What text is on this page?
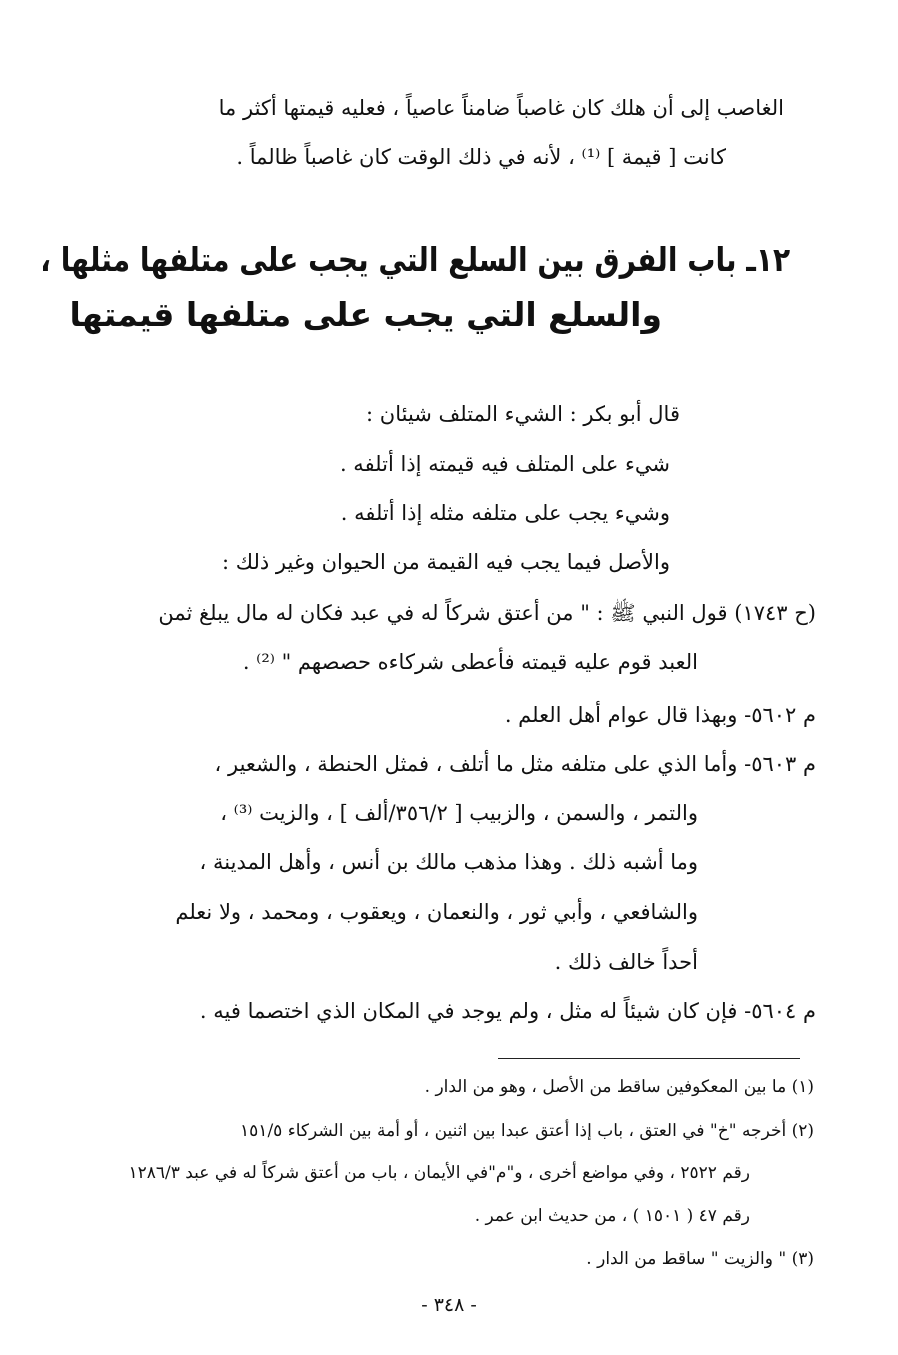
الغاصب إلى أن هلك كان غاصباً ضامناً عاصياً ، فعليه قيمتها أكثر ما
كانت [ قيمة ] ⁽¹⁾ ، لأنه في ذلك الوقت كان غاصباً ظالماً .
١٢ـ باب الفرق بين السلع التي يجب على متلفها مثلها ،
والسلع التي يجب على متلفها قيمتها
قال أبو بكر : الشيء المتلف شيئان :
شيء على المتلف فيه قيمته إذا أتلفه .
وشيء يجب على متلفه مثله إذا أتلفه .
والأصل فيما يجب فيه القيمة من الحيوان وغير ذلك :
(ح ١٧٤٣) قول النبي ﷺ : " من أعتق شركاً له في عبد فكان له مال يبلغ ثمن
العبد قوم عليه قيمته فأعطى شركاءه حصصهم " ⁽²⁾ .
م ٥٦٠٢- وبهذا قال عوام أهل العلم .
م ٥٦٠٣- وأما الذي على متلفه مثل ما أتلف ، فمثل الحنطة ، والشعير ،
والتمر ، والسمن ، والزبيب [ ٣٥٦/٢/ألف ] ، والزيت ⁽³⁾ ،
وما أشبه ذلك . وهذا مذهب مالك بن أنس ، وأهل المدينة ،
والشافعي ، وأبي ثور ، والنعمان ، ويعقوب ، ومحمد ، ولا نعلم
أحداً خالف ذلك .
م ٥٦٠٤- فإن كان شيئاً له مثل ، ولم يوجد في المكان الذي اختصما فيه .
(١) ما بين المعكوفين ساقط من الأصل ، وهو من الدار .
(٢) أخرجه "خ" في العتق ، باب إذا أعتق عبدا بين اثنين ، أو أمة بين الشركاء ١٥١/٥
رقم ٢٥٢٢ ، وفي مواضع أخرى ، و"م"في الأيمان ، باب من أعتق شركاً له في عبد ١٢٨٦/٣
رقم ٤٧ ( ١٥٠١ ) ، من حديث ابن عمر .
(٣) " والزيت " ساقط من الدار .
- ٣٤٨ -
